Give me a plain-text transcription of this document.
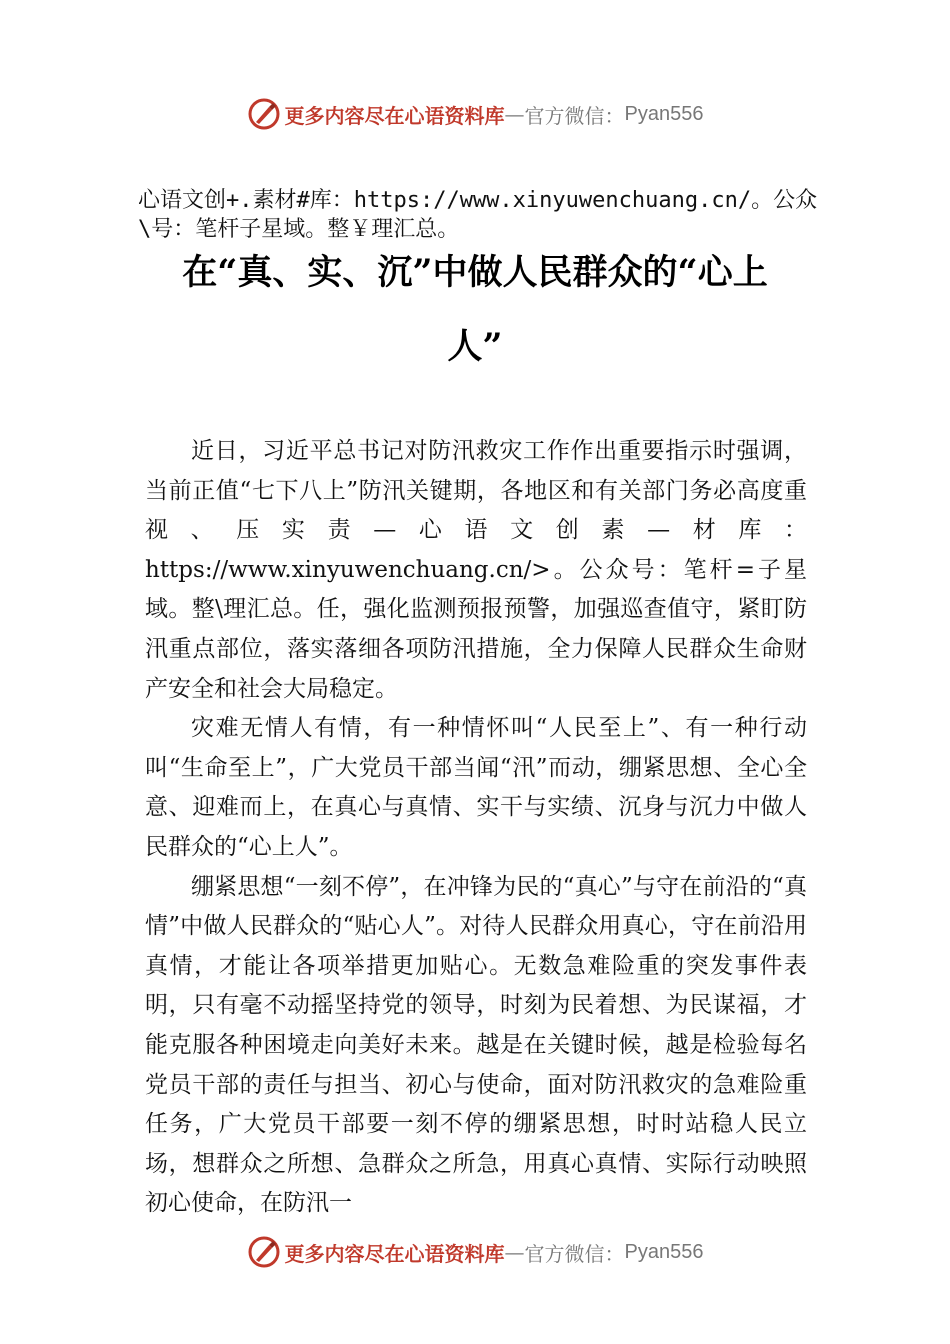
更多内容尽在心语资料库 — 官方微信： Pyan556
心语文创+.素材#库：https://www.xinyuwenchuang.cn/。公众
\号：笔杆子星域。整￥理汇总。
在“真、实、沉”中做人民群众的“心上
人”

近日，习近平总书记对防汛救灾工作作出重要指示时强调，当前正值“七下八上”防汛关键期，各地区和有关部门务必高度重视、压实责—心语文创素—材库：https://www.xinyuwenchuang.cn/>。公众号：笔杆=子星域。整\理汇总。任，强化监测预报预警，加强巡查值守，紧盯防汛重点部位，落实落细各项防汛措施，全力保障人民群众生命财产安全和社会大局稳定。

灾难无情人有情，有一种情怀叫“人民至上”、有一种行动叫“生命至上”，广大党员干部当闻“汛”而动，绷紧思想、全心全意、迎难而上，在真心与真情、实干与实绩、沉身与沉力中做人民群众的“心上人”。

绷紧思想“一刻不停”，在冲锋为民的“真心”与守在前沿的“真情”中做人民群众的“贴心人”。对待人民群众用真心，守在前沿用真情，才能让各项举措更加贴心。无数急难险重的突发事件表明，只有毫不动摇坚持党的领导，时刻为民着想、为民谋福，才能克服各种困境走向美好未来。越是在关键时候，越是检验每名党员干部的责任与担当、初心与使命，面对防汛救灾的急难险重任务，广大党员干部要一刻不停的绷紧思想，时时站稳人民立场，想群众之所想、急群众之所急，用真心真情、实际行动映照初心使命，在防汛一

更多内容尽在心语资料库 — 官方微信： Pyan556
